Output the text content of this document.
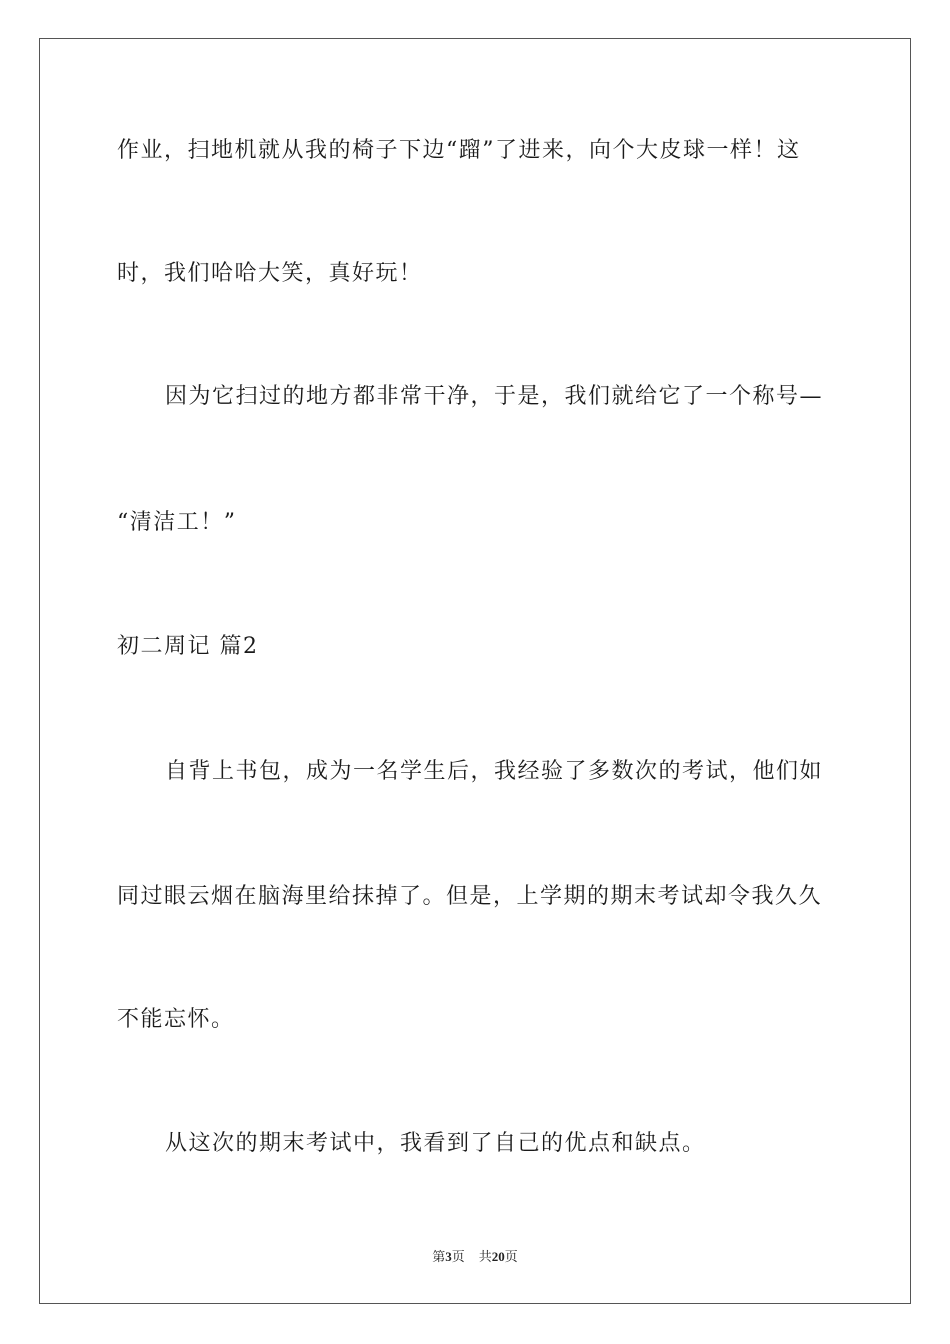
作业，扫地机就从我的椅子下边“蹓”了进来，向个大皮球一样！这
时，我们哈哈大笑，真好玩！
因为它扫过的地方都非常干净，于是，我们就给它了一个称号—
“清洁工！”
初二周记 篇2
自背上书包，成为一名学生后，我经验了多数次的考试，他们如
同过眼云烟在脑海里给抹掉了。但是，上学期的期末考试却令我久久
不能忘怀。
从这次的期末考试中，我看到了自己的优点和缺点。
第3页 共20页
